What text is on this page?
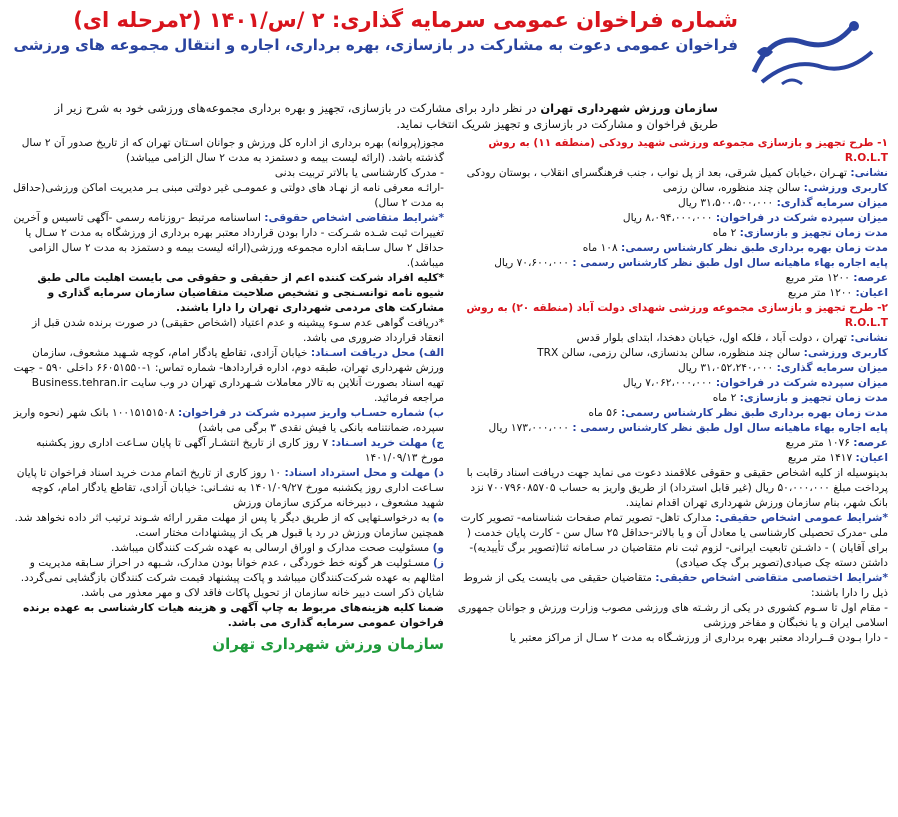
شماره فراخوان عمومی سرمایه گذاری: ۲ /س/۱۴۰۱ (۲مرحله ای)
فراخوان عمومی دعوت به مشارکت در بازسازی، بهره برداری، اجاره و انتقال مجموعه های ورزشی
سازمان ورزش شهرداری تهران در نظر دارد برای مشارکت در بازسازی، تجهیز و بهره برداری مجموعه‌های ورزشی خود به شرح زیر از طریق فراخوان و مشارکت در بازسازی و تجهیز شریک انتخاب نماید.

۱- طرح تجهیز و بازسازی مجموعه ورزشی شهید رودکی (منطقه ۱۱) به روش R.O.L.T

نشانی: تهـران ،خیابان کمیل شرقی، بعد از پل نواب ، جنب فرهنگسرای انقلاب ، بوستان رودکی

کاربری ورزشی: سالن چند منظوره، سالن رزمی

میزان سرمایه گذاری: ۳۱،۵۰۰،۵۰۰،۰۰۰ ریال

میزان سپرده شرکت در فراخوان: ۸،۰۹۴،۰۰۰،۰۰۰ ریال

مدت زمان تجهیز و بازسازی: ۲ ماه

مدت زمان بهره برداری طبق نظر کارشناس رسمی: ۱۰۸ ماه

پایه اجاره بهاء ماهیانه سال اول طبق نظر کارشناس رسمی : ۷۰،۶۰۰،۰۰۰ ریال

عرصه: ۱۲۰۰ متر مربع

اعیان: ۱۲۰۰ متر مربع

۲- طرح تجهیز و بازسازی مجموعه ورزشی شهدای دولت آباد (منطقه ۲۰) به روش R.O.L.T

نشانی: تهران ، دولت آباد ، فلکه اول، خیابان دهخدا، ابتدای بلوار قدس

کاربری ورزشی: سالن چند منظوره، سالن بدنسازی، سالن رزمی، سالن TRX

میزان سرمایه گذاری: ۳۱،۰۵۲،۲۴۰،۰۰۰ ریال

میزان سپرده شرکت در فراخوان: ۷،۰۶۲،۰۰۰،۰۰۰ ریال

مدت زمان تجهیز و بازسازی: ۲ ماه

مدت زمان بهره برداری طبق نظر کارشناس رسمی: ۵۶ ماه

پایه اجاره بهاء ماهیانه سال اول طبق نظر کارشناس رسمی : ۱۷۳،۰۰۰،۰۰۰ ریال

عرصه: ۱۰۷۶ متر مربع

اعیان: ۱۴۱۷ متر مربع

بدینوسیله از کلیه اشخاص حقیقی و حقوقی علاقمند دعوت می نماید جهت دریافت اسناد رقابت با پرداخت مبلغ ۵۰،۰۰۰،۰۰۰ ریال (غیر قابل استرداد) از طریق واریز به حساب ۷۰۰۷۹۶۰۸۵۷۰۵ نزد بانک شهر، بنام سازمان ورزش شهرداری تهران اقدام نمایند.

*شرایط عمومی اشخاص حقیقی: مدارک تاهل- تصویر تمام صفحات شناسنامه- تصویر کارت ملی -مدرک تحصیلی کارشناسی یا معادل آن و یا بالاتر-حداقل ۲۵ سال سن - کارت پایان خدمت ( برای آقایان ) - داشـتن تابعیت ایرانی- لزوم ثبت نام متقاضیان در سـامانه ثنا(تصویر برگ تأییدیه)-داشتن دسته چک صیادی(تصویر برگ چک صیادی)

*شرایط اختصاصی متقاضی اشخاص حقیقی: متقاضیان حقیقی می بایست یکی از شروط ذیل را دارا باشند:

- مقام اول تا سـوم کشوری در یکی از رشـته های ورزشی مصوب وزارت ورزش و جوانان جمهوری اسلامی ایران و یا نخبگان و مفاخر ورزشی

- دارا بـودن قــرارداد معتبر بهره برداری از ورزشـگاه به مدت ۲ سـال از مراکز معتبر یا

مجوز(پروانه) بهره برداری از اداره کل ورزش و جوانان اسـتان تهران که از تاریخ صدور آن ۲ سال گذشته باشد. (ارائه لیست بیمه و دستمزد به مدت ۲ سال الزامی میباشد)

- مدرک کارشناسی یا بالاتر تربیت بدنی

-ارائـه معرفی نامه از نهـاد های دولتی و عمومـی غیر دولتی مبنی بـر مدیریت اماکن ورزشی(حداقل به مدت ۲ سال)

*شرایط متقاضی اشخاص حقوقی: اساسنامه مرتبط -روزنامه رسمی -آگهی تاسیس و آخرین تغییرات ثبت شـده شـرکت - دارا بودن قرارداد معتبر بهره برداری از ورزشگاه به مدت ۲ سـال یا حداقل ۲ سال سـابقه اداره مجموعه ورزشی(ارائه لیست بیمه و دستمزد به مدت ۲ سال الزامی میباشد).

*کلیه افراد شرکت کننده اعم از حقیقی و حقوقی می بایست اهلیت مالی طبق شیوه نامه توانسـنجی و تشخیص صلاحیت متقاضیان سازمان سرمایه گذاری و مشارکت های مردمی شهرداری تهران را دارا باشند.

*دریافت گواهی عدم سـوء پیشینه و عدم اعتیاد (اشخاص حقیقی) در صورت برنده شدن قبل از انعقاد قرارداد ضروری می باشد.

الف) محل دریافت اسـناد: خیابان آزادی، تقاطع یادگار امام، کوچه شـهید مشعوف، سازمان ورزش شهرداری تهران، طبقه دوم، اداره قراردادها- شماره تماس: ۱-۶۶۰۵۱۵۵۰ داخلی ۵۹۰ - جهت تهیه اسناد بصورت آنلاین به تالار معاملات شـهرداری تهران در وب سایت Business.tehran.ir مراجعه فرمائید.

ب) شماره حسـاب واریز سپرده شرکت در فراخوان: ۱۰۰۱۵۱۵۱۵۰۸ بانک شهر (نحوه واریز سپرده، ضمانتنامه بانکی یا فیش نقدی ۳ برگی می باشد)

ج) مهلت خرید اسـناد: ۷ روز کاری از تاریخ انتشـار آگهی تا پایان سـاعت اداری روز یکشنبه مورخ ۱۴۰۱/۰۹/۱۳

د) مهلت و محل استرداد اسناد: ۱۰ روز کاری از تاریخ اتمام مدت خرید اسناد فراخوان تا پایان سـاعت اداری روز یکشنبه مورخ ۱۴۰۱/۰۹/۲۷ به نشـانی: خیابان آزادی، تقاطع یادگار امام، کوچه شهید مشعوف ، دبیرخانه مرکزی سازمان ورزش

ه) به درخواسـتهایی که از طریق دیگر یا پس از مهلت مقرر ارائه شـوند ترتیب اثر داده نخواهد شد. همچنین سازمان ورزش در رد یا قبول هر یک از پیشنهادات مختار است.

و) مسئولیت صحت مدارک و اوراق ارسالی به عهده شرکت کنندگان میباشد.

ز) مسـئولیت هر گونه خط خوردگی ، عدم خوانا بودن مدارک، شـبهه در احراز سـابقه مدیریت و امثالهم به عهده شرکت‌کنندگان میباشد و پاکت پیشنهاد قیمت شرکت کنندگان بازگشایی نمی‌گردد.

شایان ذکر است دبیر خانه سازمان از تحویل پاکات فاقد لاک و مهر معذور می باشد.

ضمنا کلیه هزینه‌های مربوط به چاپ آگهی و هزینه هیات کارشناسی به عهده برنده فراخوان عمومی سرمایه گذاری می باشد.

سازمان ورزش شهرداری تهران
